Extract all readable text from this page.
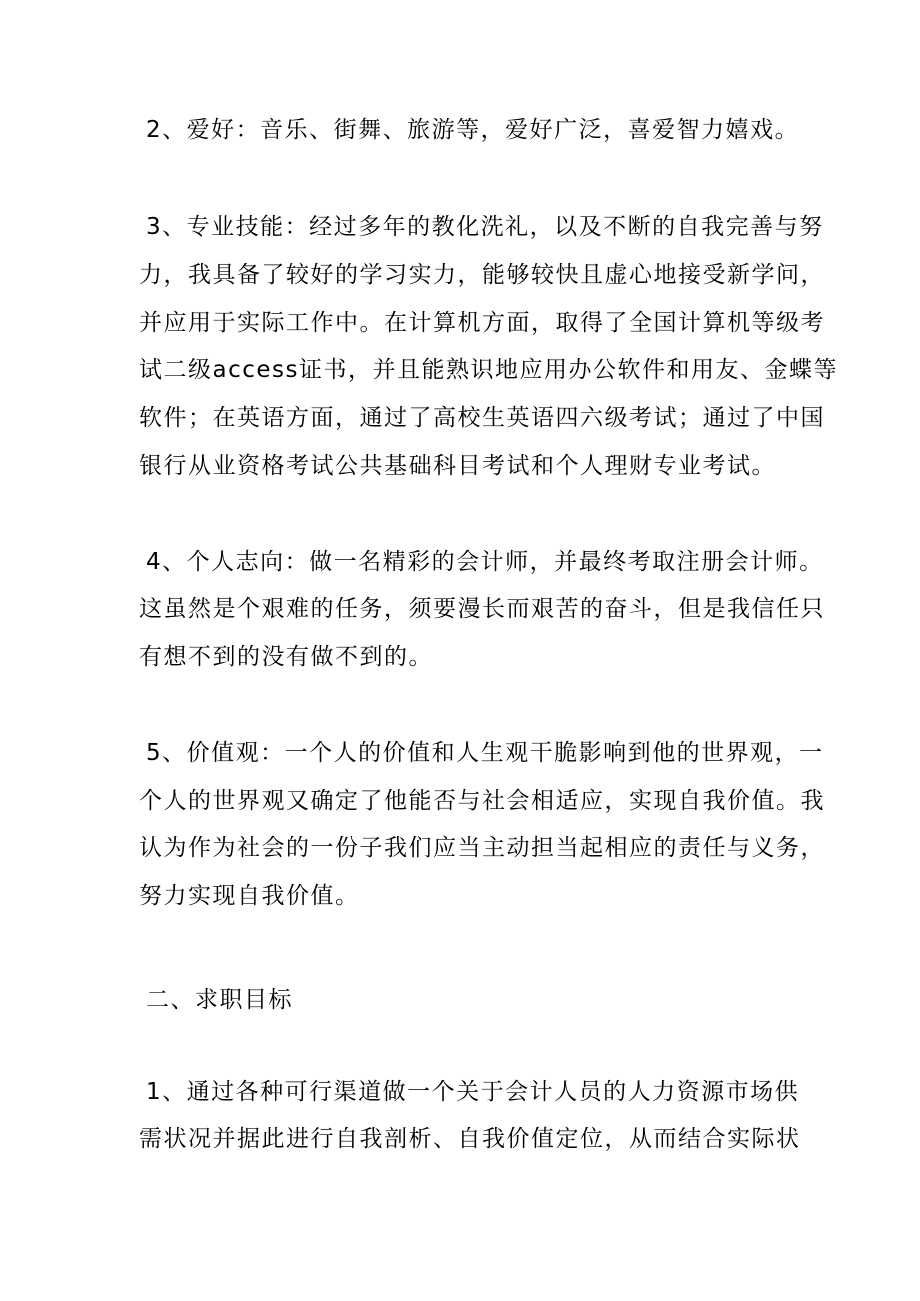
2、爱好：音乐、街舞、旅游等，爱好广泛，喜爱智力嬉戏。
3、专业技能：经过多年的教化洗礼，以及不断的自我完善与努
力，我具备了较好的学习实力，能够较快且虚心地接受新学问，
并应用于实际工作中。在计算机方面，取得了全国计算机等级考
试二级access证书，并且能熟识地应用办公软件和用友、金蝶等
软件；在英语方面，通过了高校生英语四六级考试；通过了中国
银行从业资格考试公共基础科目考试和个人理财专业考试。
4、个人志向：做一名精彩的会计师，并最终考取注册会计师。
这虽然是个艰难的任务，须要漫长而艰苦的奋斗，但是我信任只
有想不到的没有做不到的。
5、价值观：一个人的价值和人生观干脆影响到他的世界观，一
个人的世界观又确定了他能否与社会相适应，实现自我价值。我
认为作为社会的一份子我们应当主动担当起相应的责任与义务，
努力实现自我价值。
二、求职目标
1、通过各种可行渠道做一个关于会计人员的人力资源市场供
需状况并据此进行自我剖析、自我价值定位，从而结合实际状
